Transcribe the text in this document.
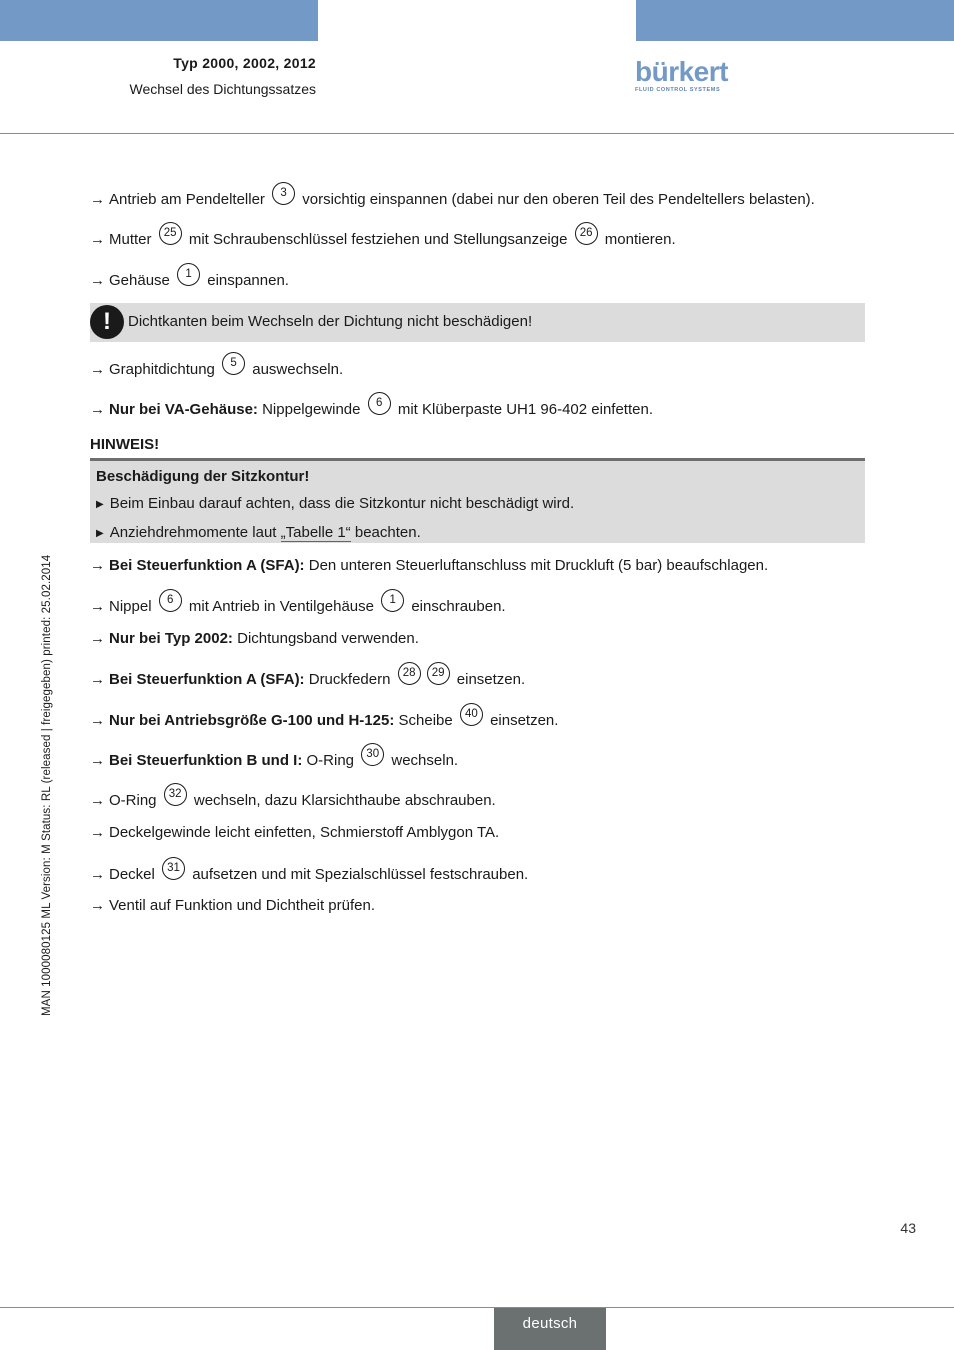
Typ 2000, 2002, 2012
Wechsel des Dichtungssatzes
bürkert
FLUID CONTROL SYSTEMS
→ Antrieb am Pendelteller 3 vorsichtig einspannen (dabei nur den oberen Teil des Pendeltellers belasten).
→ Mutter 25 mit Schraubenschlüssel festziehen und Stellungsanzeige 26 montieren.
→ Gehäuse 1 einspannen.
!	Dichtkanten beim Wechseln der Dichtung nicht beschädigen!
→ Graphitdichtung 5 auswechseln.
→ Nur bei VA-Gehäuse: Nippelgewinde 6 mit Klüberpaste UH1 96-402 einfetten.
HINWEIS!
Beschädigung der Sitzkontur!
▶ Beim Einbau darauf achten, dass die Sitzkontur nicht beschädigt wird.
▶ Anziehdrehmomente laut „Tabelle 1“ beachten.
→ Bei Steuerfunktion A (SFA): Den unteren Steuerluftanschluss mit Druckluft (5 bar) beaufschlagen.
→ Nippel 6 mit Antrieb in Ventilgehäuse 1 einschrauben.
→ Nur bei Typ 2002: Dichtungsband verwenden.
→ Bei Steuerfunktion A (SFA): Druckfedern 28 29 einsetzen.
→ Nur bei Antriebsgröße G-100 und H-125: Scheibe 40 einsetzen.
→ Bei Steuerfunktion B und I: O-Ring 30 wechseln.
→ O-Ring 32 wechseln, dazu Klarsichthaube abschrauben.
→ Deckelgewinde leicht einfetten, Schmierstoff Amblygon TA.
→ Deckel 31 aufsetzen und mit Spezialschlüssel festschrauben.
→ Ventil auf Funktion und Dichtheit prüfen.
MAN 1000080125 ML Version: M Status: RL (released | freigegeben) printed: 25.02.2014
43
deutsch
